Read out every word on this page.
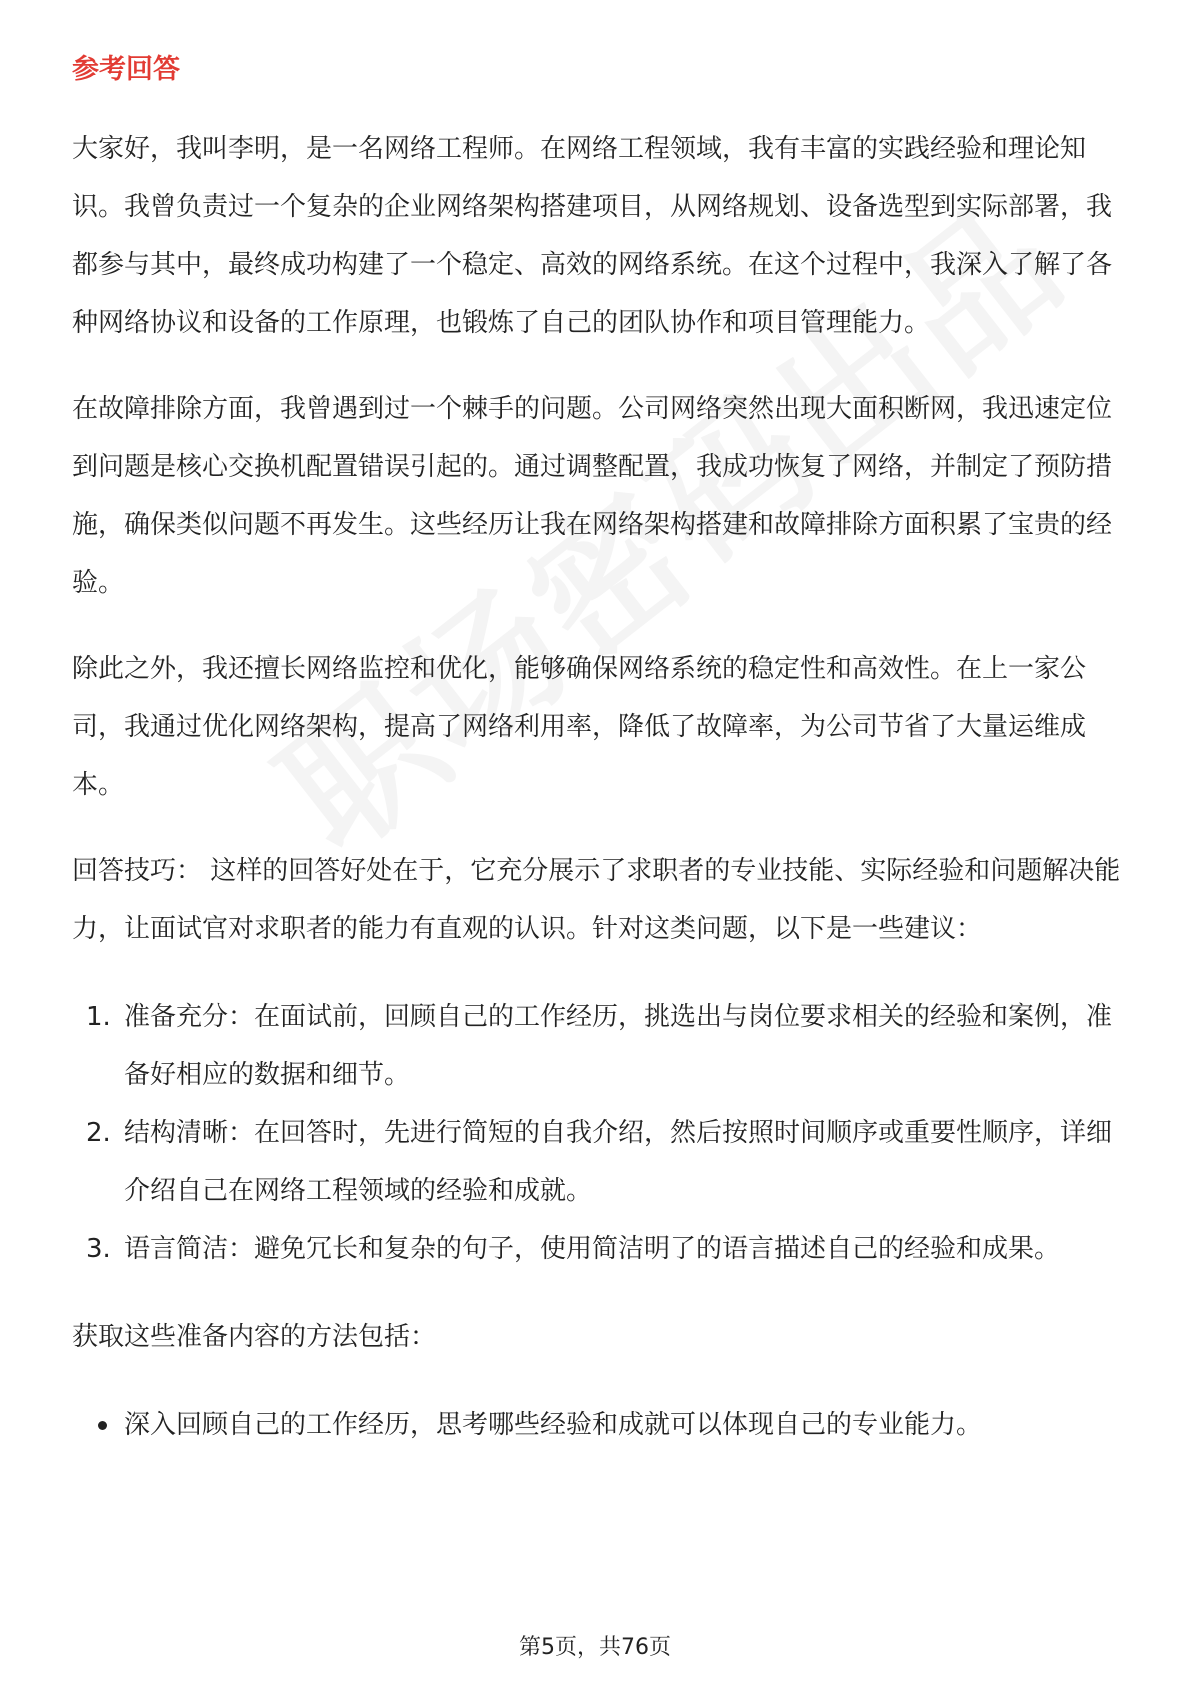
参考回答

大家好，我叫李明，是一名网络工程师。在网络工程领域，我有丰富的实践经验和理论知识。我曾负责过一个复杂的企业网络架构搭建项目，从网络规划、设备选型到实际部署，我都参与其中，最终成功构建了一个稳定、高效的网络系统。在这个过程中，我深入了解了各种网络协议和设备的工作原理，也锻炼了自己的团队协作和项目管理能力。

在故障排除方面，我曾遇到过一个棘手的问题。公司网络突然出现大面积断网，我迅速定位到问题是核心交换机配置错误引起的。通过调整配置，我成功恢复了网络，并制定了预防措施，确保类似问题不再发生。这些经历让我在网络架构搭建和故障排除方面积累了宝贵的经验。

除此之外，我还擅长网络监控和优化，能够确保网络系统的稳定性和高效性。在上一家公司，我通过优化网络架构，提高了网络利用率，降低了故障率，为公司节省了大量运维成本。

回答技巧： 这样的回答好处在于，它充分展示了求职者的专业技能、实际经验和问题解决能力，让面试官对求职者的能力有直观的认识。针对这类问题，以下是一些建议：

1. 准备充分：在面试前，回顾自己的工作经历，挑选出与岗位要求相关的经验和案例，准备好相应的数据和细节。
2. 结构清晰：在回答时，先进行简短的自我介绍，然后按照时间顺序或重要性顺序，详细介绍自己在网络工程领域的经验和成就。
3. 语言简洁：避免冗长和复杂的句子，使用简洁明了的语言描述自己的经验和成果。

获取这些准备内容的方法包括：

深入回顾自己的工作经历，思考哪些经验和成就可以体现自己的专业能力。
第5页，共76页
